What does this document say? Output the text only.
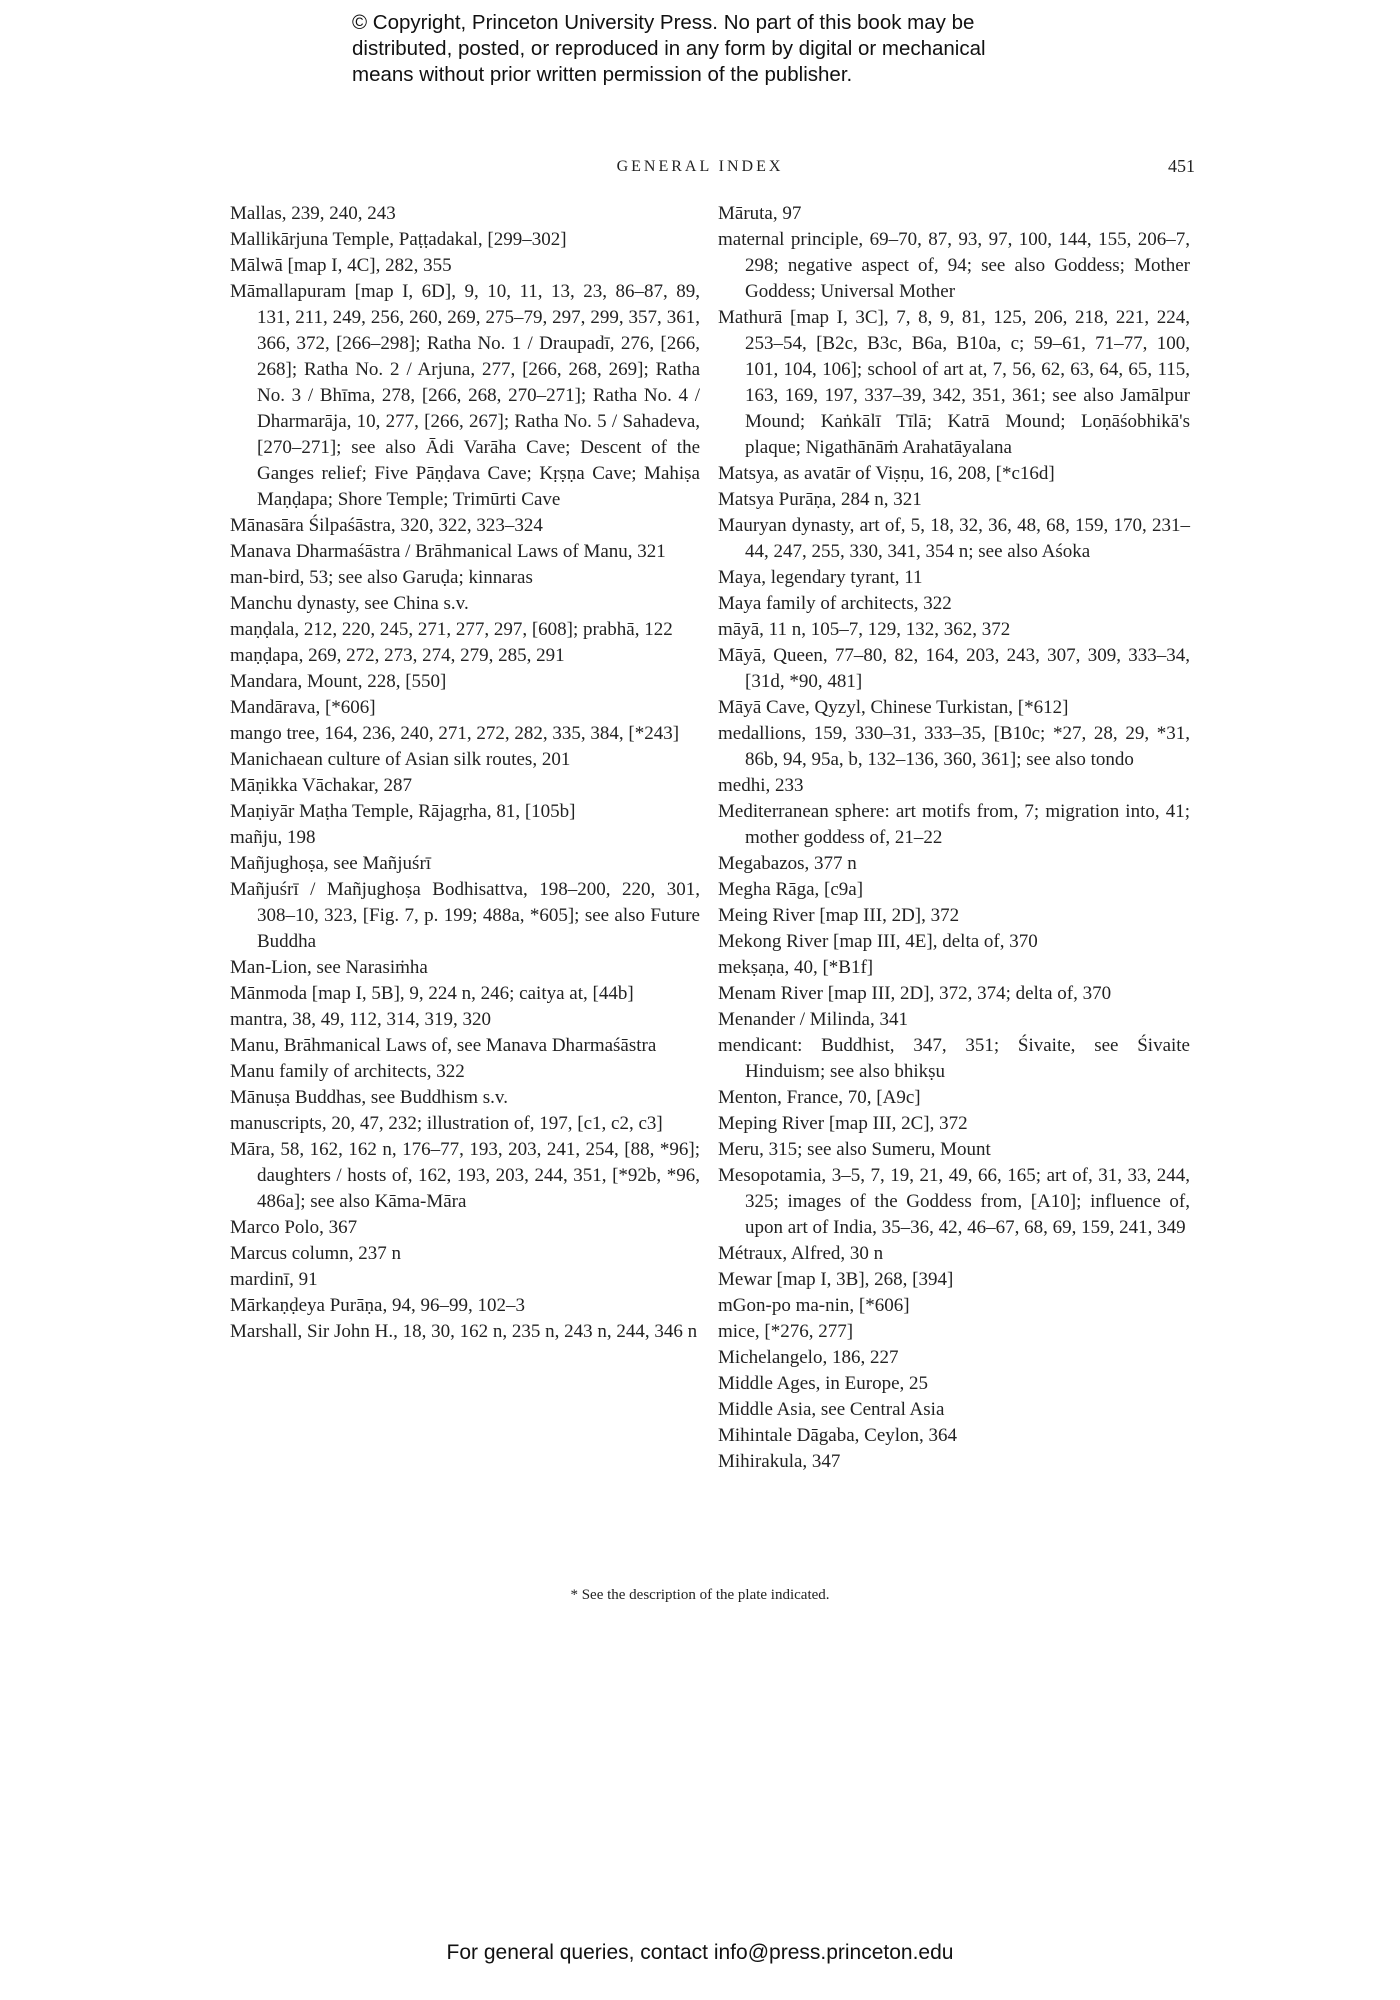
© Copyright, Princeton University Press. No part of this book may be
distributed, posted, or reproduced in any form by digital or mechanical
means without prior written permission of the publisher.
GENERAL INDEX	451

Mallas, 239, 240, 243

Mallikārjuna Temple, Paṭṭadakal, [299–302]

Mālwā [map I, 4C], 282, 355

Māmallapuram [map I, 6D], 9, 10, 11, 13, 23, 86–87, 89, 131, 211, 249, 256, 260, 269, 275–79, 297, 299, 357, 361, 366, 372, [266–298]; Ratha No. 1 / Draupadī, 276, [266, 268]; Ratha No. 2 / Arjuna, 277, [266, 268, 269]; Ratha No. 3 / Bhīma, 278, [266, 268, 270–271]; Ratha No. 4 / Dharmarāja, 10, 277, [266, 267]; Ratha No. 5 / Sahadeva, [270–271]; see also Ādi Varāha Cave; Descent of the Ganges relief; Five Pāṇḍava Cave; Kṛṣṇa Cave; Mahiṣa Maṇḍapa; Shore Temple; Trimūrti Cave

Mānasāra Śilpaśāstra, 320, 322, 323–324

Manava Dharmaśāstra / Brāhmanical Laws of Manu, 321

man-bird, 53; see also Garuḍa; kinnaras

Manchu dynasty, see China s.v.

maṇḍala, 212, 220, 245, 271, 277, 297, [608]; prabhā, 122

maṇḍapa, 269, 272, 273, 274, 279, 285, 291

Mandara, Mount, 228, [550]

Mandārava, [*606]

mango tree, 164, 236, 240, 271, 272, 282, 335, 384, [*243]

Manichaean culture of Asian silk routes, 201

Māṇikka Vāchakar, 287

Maṇiyār Maṭha Temple, Rājagṛha, 81, [105b]

mañju, 198

Mañjughoṣa, see Mañjuśrī

Mañjuśrī / Mañjughoṣa Bodhisattva, 198–200, 220, 301, 308–10, 323, [Fig. 7, p. 199; 488a, *605]; see also Future Buddha

Man-Lion, see Narasiṁha

Mānmoda [map I, 5B], 9, 224 n, 246; caitya at, [44b]

mantra, 38, 49, 112, 314, 319, 320

Manu, Brāhmanical Laws of, see Manava Dharmaśāstra

Manu family of architects, 322

Mānuṣa Buddhas, see Buddhism s.v.

manuscripts, 20, 47, 232; illustration of, 197, [c1, c2, c3]

Māra, 58, 162, 162 n, 176–77, 193, 203, 241, 254, [88, *96]; daughters / hosts of, 162, 193, 203, 244, 351, [*92b, *96, 486a]; see also Kāma-Māra

Marco Polo, 367

Marcus column, 237 n

mardinī, 91

Mārkaṇḍeya Purāṇa, 94, 96–99, 102–3

Marshall, Sir John H., 18, 30, 162 n, 235 n, 243 n, 244, 346 n

Māruta, 97

maternal principle, 69–70, 87, 93, 97, 100, 144, 155, 206–7, 298; negative aspect of, 94; see also Goddess; Mother Goddess; Universal Mother

Mathurā [map I, 3C], 7, 8, 9, 81, 125, 206, 218, 221, 224, 253–54, [B2c, B3c, B6a, B10a, c; 59–61, 71–77, 100, 101, 104, 106]; school of art at, 7, 56, 62, 63, 64, 65, 115, 163, 169, 197, 337–39, 342, 351, 361; see also Jamālpur Mound; Kaṅkālī Tīlā; Katrā Mound; Loṇāśobhikā's plaque; Nigathānāṁ Arahatāyalana

Matsya, as avatār of Viṣṇu, 16, 208, [*c16d]

Matsya Purāṇa, 284 n, 321

Mauryan dynasty, art of, 5, 18, 32, 36, 48, 68, 159, 170, 231–44, 247, 255, 330, 341, 354 n; see also Aśoka

Maya, legendary tyrant, 11

Maya family of architects, 322

māyā, 11 n, 105–7, 129, 132, 362, 372

Māyā, Queen, 77–80, 82, 164, 203, 243, 307, 309, 333–34, [31d, *90, 481]

Māyā Cave, Qyzyl, Chinese Turkistan, [*612]

medallions, 159, 330–31, 333–35, [B10c; *27, 28, 29, *31, 86b, 94, 95a, b, 132–136, 360, 361]; see also tondo

medhi, 233

Mediterranean sphere: art motifs from, 7; migration into, 41; mother goddess of, 21–22

Megabazos, 377 n

Megha Rāga, [c9a]

Meing River [map III, 2D], 372

Mekong River [map III, 4E], delta of, 370

mekṣaṇa, 40, [*B1f]

Menam River [map III, 2D], 372, 374; delta of, 370

Menander / Milinda, 341

mendicant: Buddhist, 347, 351; Śivaite, see Śivaite Hinduism; see also bhikṣu

Menton, France, 70, [A9c]

Meping River [map III, 2C], 372

Meru, 315; see also Sumeru, Mount

Mesopotamia, 3–5, 7, 19, 21, 49, 66, 165; art of, 31, 33, 244, 325; images of the Goddess from, [A10]; influence of, upon art of India, 35–36, 42, 46–67, 68, 69, 159, 241, 349

Métraux, Alfred, 30 n

Mewar [map I, 3B], 268, [394]

mGon-po ma-nin, [*606]

mice, [*276, 277]

Michelangelo, 186, 227

Middle Ages, in Europe, 25

Middle Asia, see Central Asia

Mihintale Dāgaba, Ceylon, 364

Mihirakula, 347

* See the description of the plate indicated.
For general queries, contact info@press.princeton.edu
